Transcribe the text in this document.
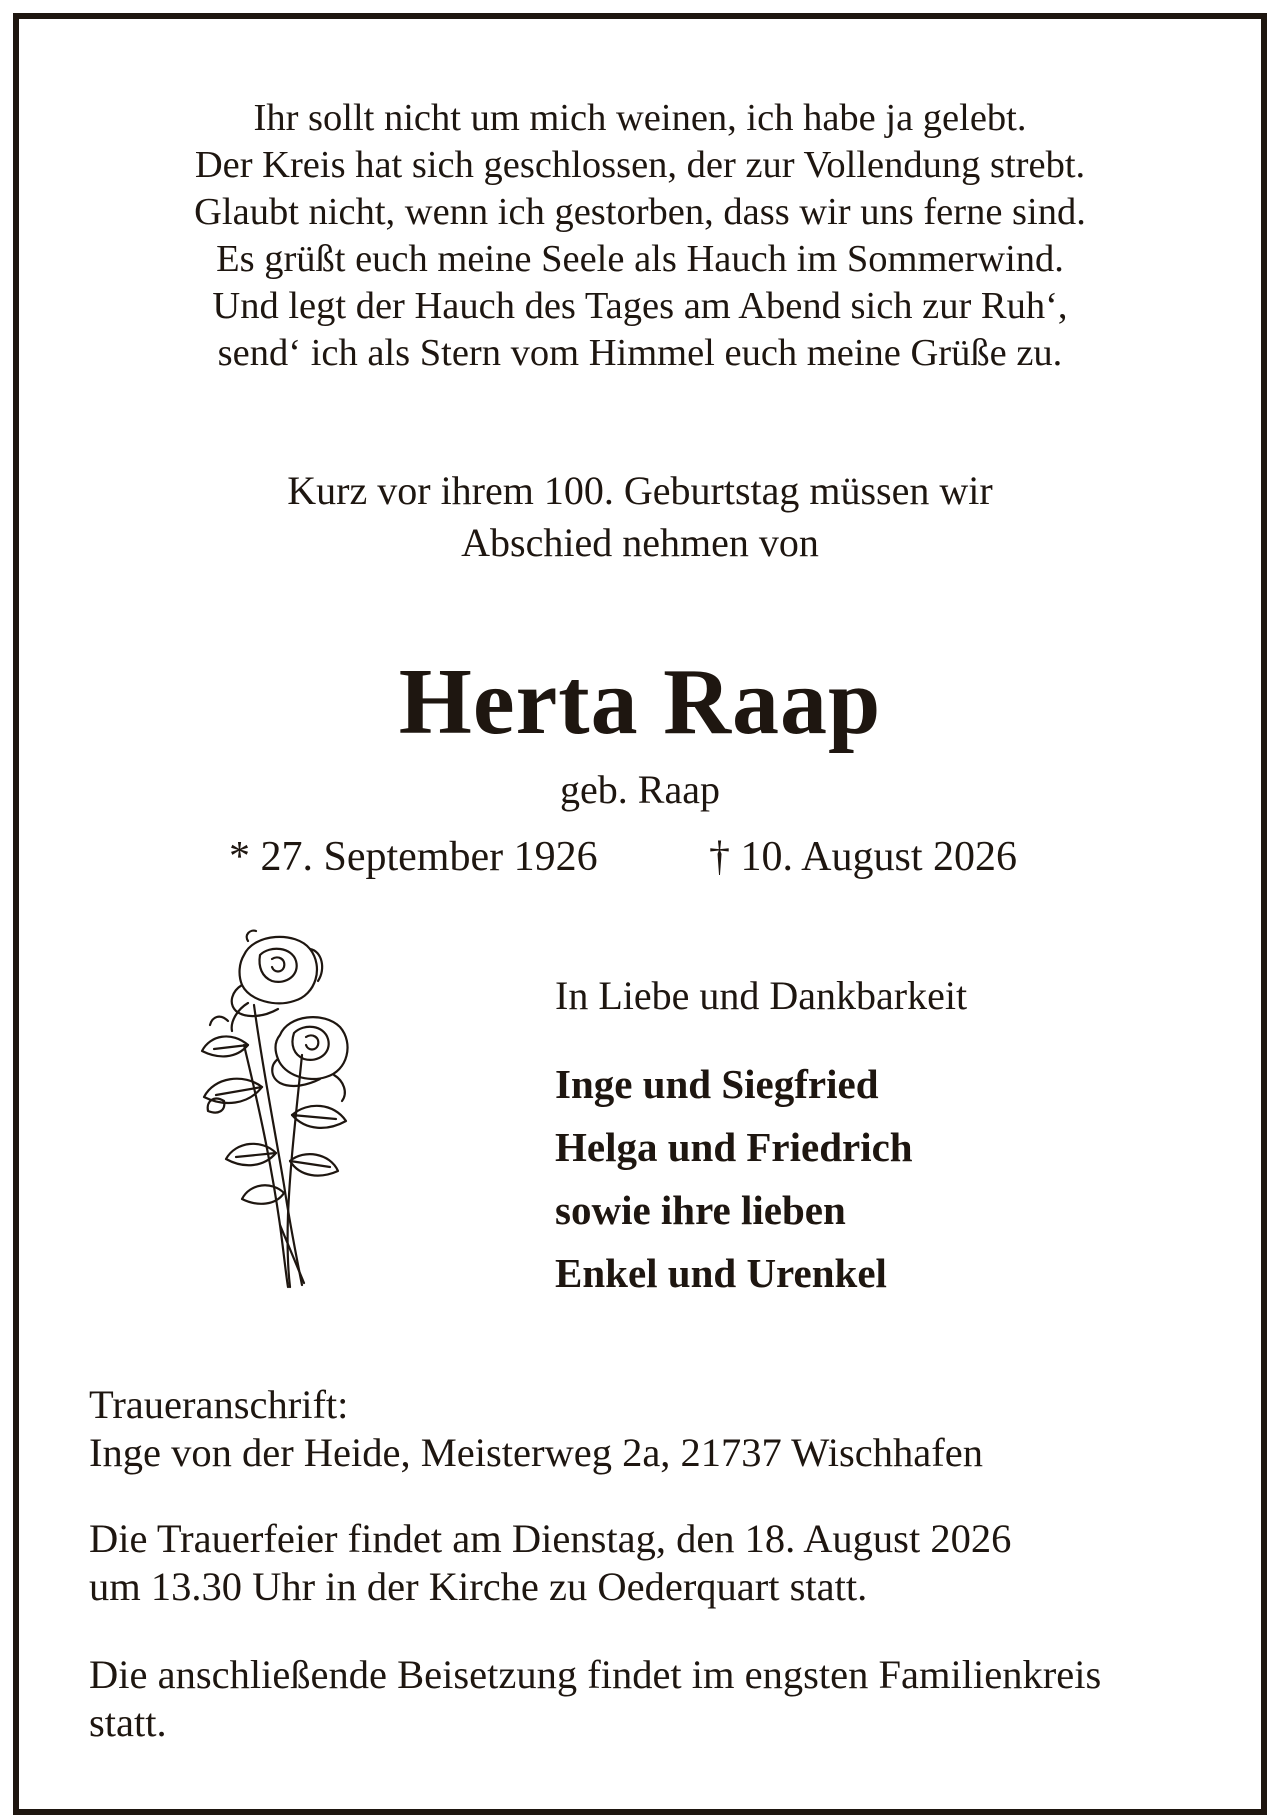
Ihr sollt nicht um mich weinen, ich habe ja gelebt.
Der Kreis hat sich geschlossen, der zur Vollendung strebt.
Glaubt nicht, wenn ich gestorben, dass wir uns ferne sind.
Es grüßt euch meine Seele als Hauch im Sommerwind.
Und legt der Hauch des Tages am Abend sich zur Ruh‘,
send‘ ich als Stern vom Himmel euch meine Grüße zu.
Kurz vor ihrem 100. Geburtstag müssen wir
Abschied nehmen von
Herta Raap
geb. Raap
* 27. September 1926	† 10. August 2026
In Liebe und Dankbarkeit
Inge und Siegfried
Helga und Friedrich
sowie ihre lieben
Enkel und Urenkel
Traueranschrift:
Inge von der Heide, Meisterweg 2a, 21737 Wischhafen
Die Trauerfeier findet am Dienstag, den 18. August 2026
um 13.30 Uhr in der Kirche zu Oederquart statt.
Die anschließende Beisetzung findet im engsten Familienkreis
statt.
